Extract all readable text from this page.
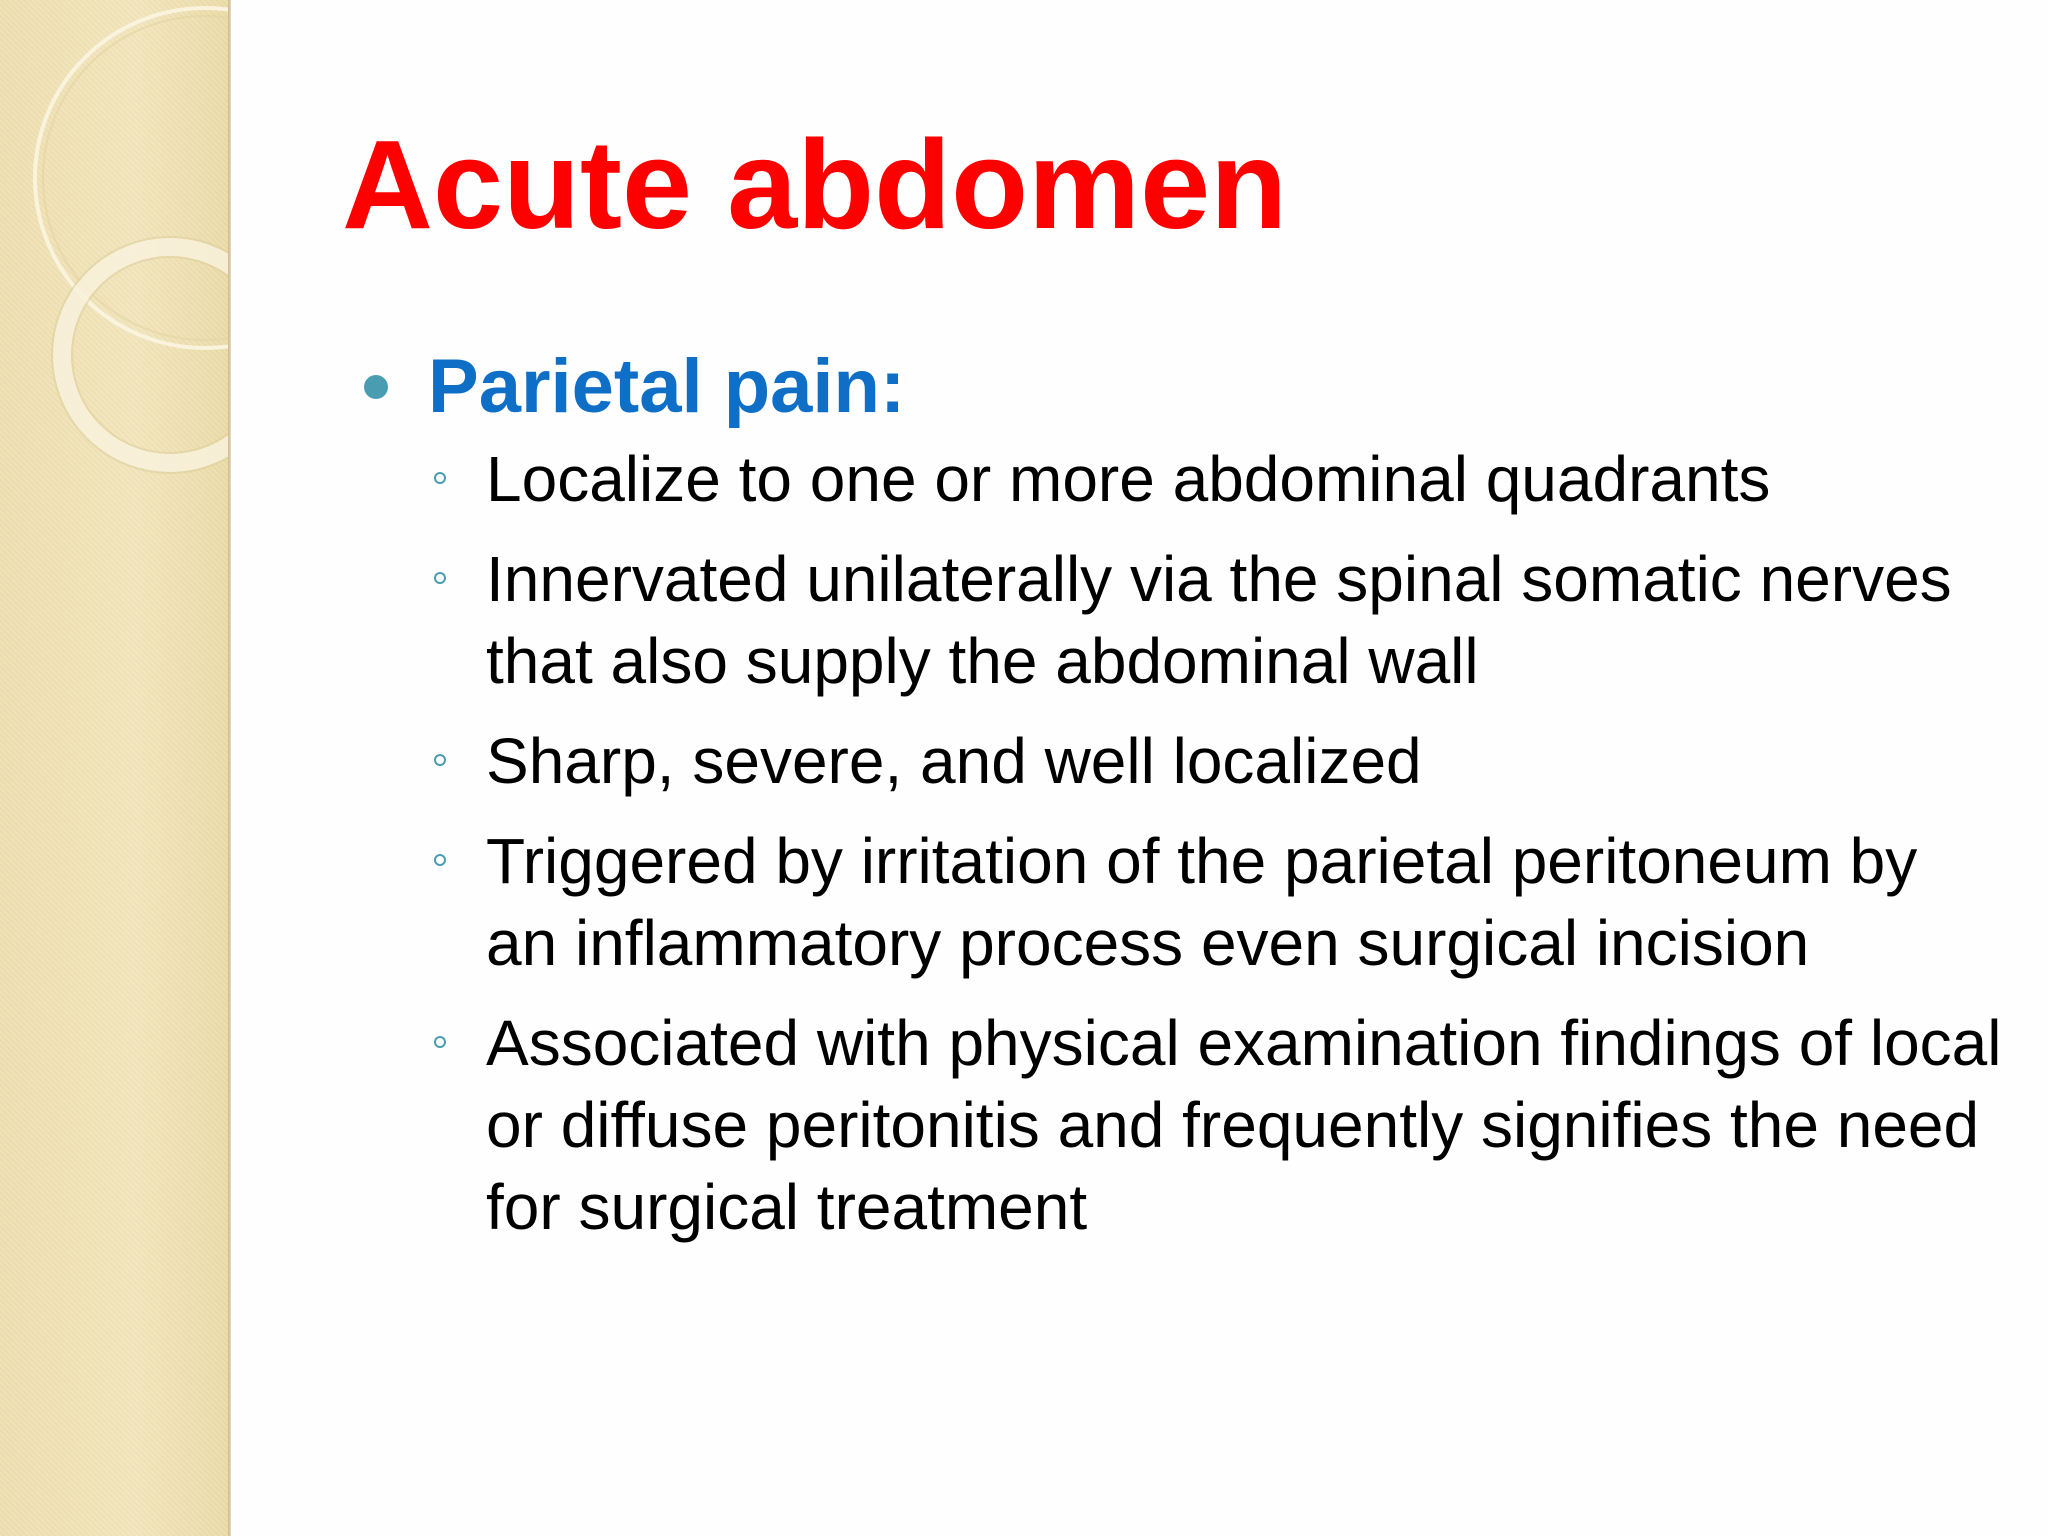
Acute abdomen
Parietal pain:
Localize to one or more abdominal quadrants
Innervated unilaterally via the spinal somatic nerves that also supply the abdominal wall
Sharp, severe, and well localized
Triggered by irritation of the parietal peritoneum by an inflammatory process even surgical incision
Associated with physical examination findings of local or diffuse peritonitis and frequently signifies the need for surgical treatment
